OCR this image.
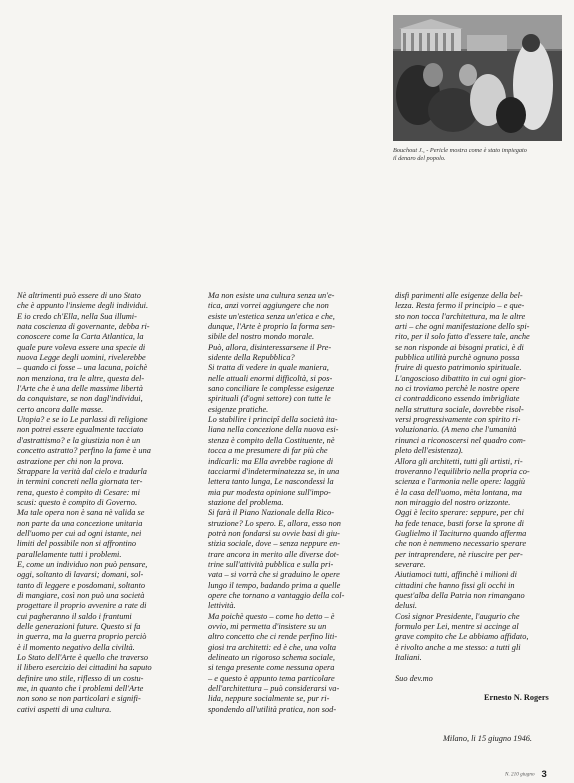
Bouchout J., - Pericle mostra come è stato impiegato
il denaro del popolo.
Nè altrimenti può essere di uno Stato
che è appunto l'insieme degli individui.
E io credo ch'Ella, nella Sua illumi-
nata coscienza di governante, debba ri-
conoscere come la Carta Atlantica, la
quale pure voleva essere una specie di
nuova Legge degli uomini, rivelerebbe
– quando ci fosse – una lacuna, poichè
non menziona, tra le altre, questa del-
l'Arte che è una delle massime libertà
da conquistare, se non dagl'individui,
certo ancora dalle masse.
Utopia? e se io Le parlassi di religione
non potrei essere egualmente tacciato
d'astrattismo? e la giustizia non è un
concetto astratto? perfino la fame è una
astrazione per chi non la prova.
Strappare la verità dal cielo e tradurla
in termini concreti nella giornata ter-
rena, questo è compito di Cesare: mi
scusi: questo è compito di Governo.
Ma tale opera non è sana nè valida se
non parte da una concezione unitaria
dell'uomo per cui ad ogni istante, nei
limiti del possibile non si affrontino
parallelamente tutti i problemi.
E, come un individuo non può pensare,
oggi, soltanto di lavarsi; domani, sol-
tanto di leggere e posdomani, soltanto
di mangiare, così non può una società
progettare il proprio avvenire a rate di
cui pagheranno il saldo i frantumi
delle generazioni future. Questo si fa
in guerra, ma la guerra proprio perciò
è il momento negativo della civiltà.
Lo Stato dell'Arte è quello che traverso
il libero esercizio dei cittadini ha saputo
definire uno stile, riflesso di un costu-
me, in quanto che i problemi dell'Arte
non sono se non particolari e signifi-
cativi aspetti di una cultura.
Ma non esiste una cultura senza un'e-
tica, anzi vorrei aggiungere che non
esiste un'estetica senza un'etica e che,
dunque, l'Arte è proprio la forma sen-
sibile del nostro mondo morale.
Può, allora, disinteressarsene il Pre-
sidente della Repubblica?
Si tratta di vedere in quale maniera,
nelle attuali enormi difficoltà, si pos-
sano conciliare le complesse esigenze
spirituali (d'ogni settore) con tutte le
esigenze pratiche.
Lo stabilire i principî della società ita-
liana nella concezione della nuova esi-
stenza è compito della Costituente, nè
tocca a me presumere di far più che
indicarli: ma Ella avrebbe ragione di
tacciarmi d'indeterminatezza se, in una
lettera tanto lunga, Le nascondessi la
mia pur modesta opinione sull'impo-
stazione del problema.
Si farà il Piano Nazionale della Rico-
struzione? Lo spero. E, allora, esso non
potrà non fondarsi su ovvie basi di giu-
stizia sociale, dove – senza neppure en-
trare ancora in merito alle diverse dot-
trine sull'attività pubblica e sulla pri-
vata – si vorrà che si graduino le opere
lungo il tempo, badando prima a quelle
opere che tornano a vantaggio della col-
lettività.
Ma poichè questo – come ho detto – è
ovvio, mi permetta d'insistere su un
altro concetto che ci rende perfino liti-
giosi tra architetti: ed è che, una volta
delineato un rigoroso schema sociale,
si tenga presente come nessuna opera
– e questo è appunto tema particolare
dell'architettura – può considerarsi va-
lida, neppure socialmente se, pur ri-
spondendo all'utilità pratica, non sod-
disfi parimenti alle esigenze della bel-
lezza. Resta fermo il principio – e que-
sto non tocca l'architettura, ma le altre
arti – che ogni manifestazione dello spi-
rito, per il solo fatto d'essere tale, anche
se non risponde ai bisogni pratici, è di
pubblica utilità purchè ognuno possa
fruire di questo patrimonio spirituale.
L'angoscioso dibattito in cui ogni gior-
no ci troviamo perchè le nostre opere
ci contraddicono essendo imbrigliate
nella struttura sociale, dovrebbe risol-
versi progressivamente con spirito ri-
voluzionario. (A meno che l'umanità
rinunci a riconoscersi nel quadro com-
pleto dell'esistenza).
Allora gli architetti, tutti gli artisti, ri-
troveranno l'equilibrio nella propria co-
scienza e l'armonia nelle opere: laggiù
è la casa dell'uomo, mèta lontana, ma
non miraggio del nostro orizzonte.
Oggi è lecito sperare: seppure, per chi
ha fede tenace, basti forse la sprone di
Guglielmo il Taciturno quando afferma
che non è nemmeno necessario sperare
per intraprendere, nè riuscire per per-
severare.
Aiutiamoci tutti, affinchè i milioni di
cittadini che hanno fissi gli occhi in
quest'alba della Patria non rimangano
delusi.
Così signor Presidente, l'augurio che
formulo per Lei, mentre si accinge al
grave compito che Le abbiamo affidato,
è rivolto anche a me stesso: a tutti gli
Italiani.
Suo dev.mo
Ernesto N. Rogers
Milano, li 15 giugno 1946.
N. 210 giugno 3
